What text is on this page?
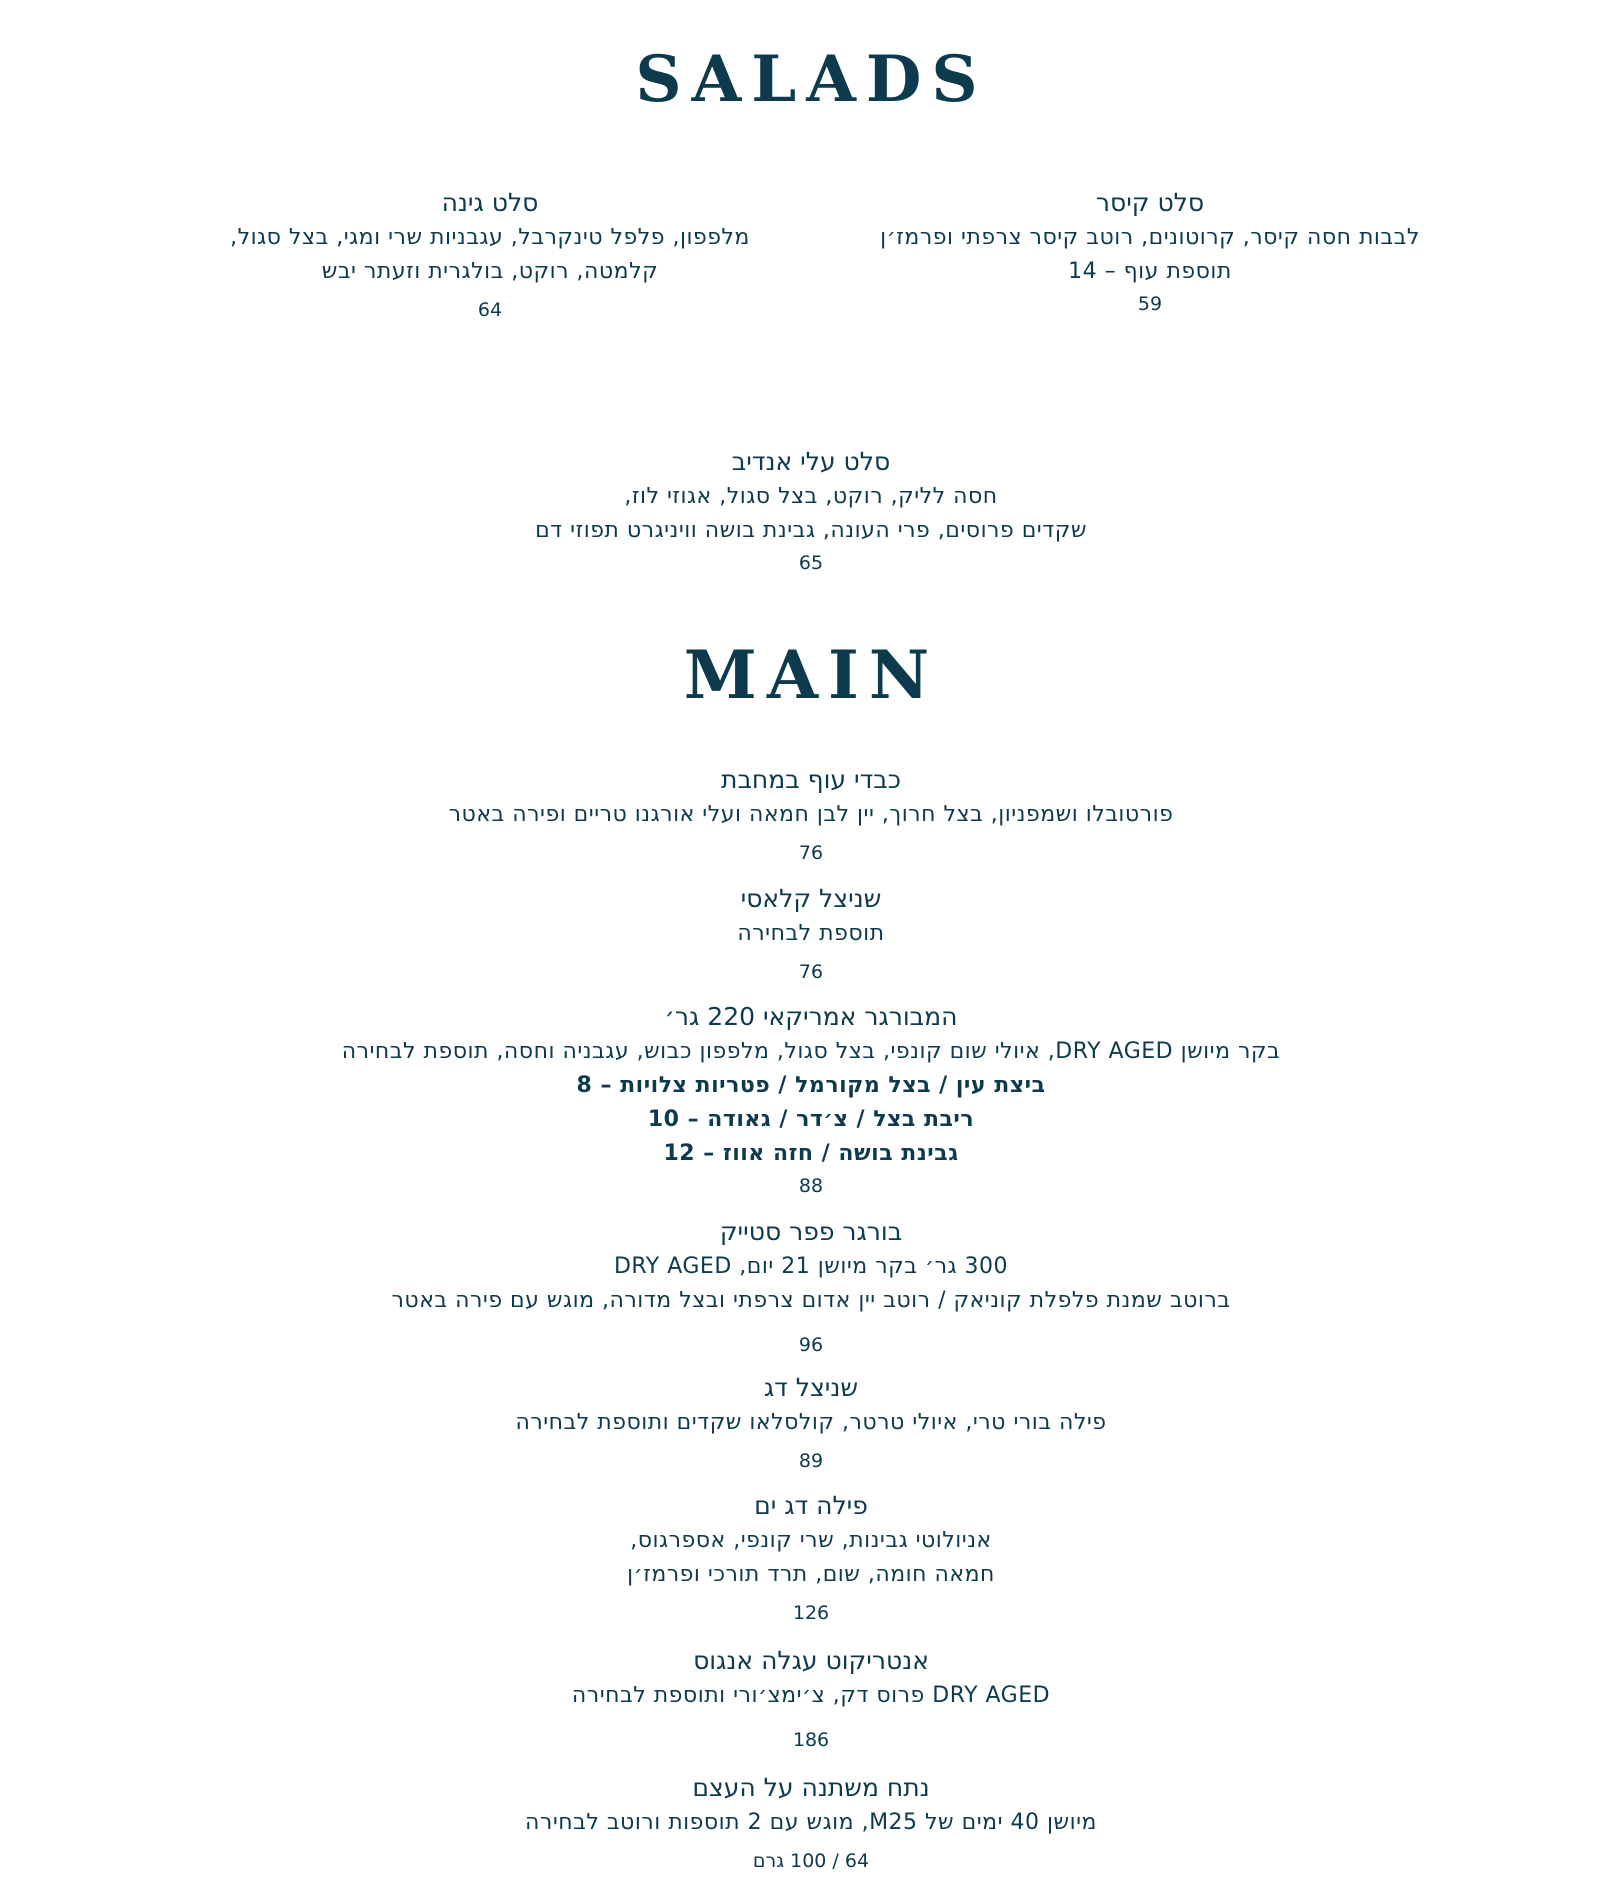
SALADS
סלט קיסר
לבבות חסה קיסר, קרוטונים, רוטב קיסר צרפתי ופרמז׳ן
תוספת עוף – 14
59
סלט גינה
מלפפון, פלפל טינקרבל, עגבניות שרי ומגי, בצל סגול,
קלמטה, רוקט, בולגרית וזעתר יבש
64
סלט עלי אנדיב
חסה לליק, רוקט, בצל סגול, אגוזי לוז,
שקדים פרוסים, פרי העונה, גבינת בושה וויניגרט תפוזי דם
65
MAIN
כבדי עוף במחבת
פורטובלו ושמפניון, בצל חרוך, יין לבן חמאה ועלי אורגנו טריים ופירה באטר
76
שניצל קלאסי
תוספת לבחירה
76
המבורגר אמריקאי 220 גר׳
בקר מיושן DRY AGED, איולי שום קונפי, בצל סגול, מלפפון כבוש, עגבניה וחסה, תוספת לבחירה
ביצת עין / בצל מקורמל / פטריות צלויות – 8
ריבת בצל / צ׳דר / גאודה – 10
גבינת בושה / חזה אווז – 12
88
בורגר פפר סטייק
300 גר׳ בקר מיושן 21 יום, DRY AGED
ברוטב שמנת פלפלת קוניאק / רוטב יין אדום צרפתי ובצל מדורה, מוגש עם פירה באטר
96
שניצל דג
פילה בורי טרי, איולי טרטר, קולסלאו שקדים ותוספת לבחירה
89
פילה דג ים
אניולוטי גבינות, שרי קונפי, אספרגוס,
חמאה חומה, שום, תרד תורכי ופרמז׳ן
126
אנטריקוט עגלה אנגוס
DRY AGED פרוס דק, צ׳ימצ׳ורי ותוספת לבחירה
186
נתח משתנה על העצם
מיושן 40 ימים של M25, מוגש עם 2 תוספות ורוטב לבחירה
64 / 100 גרם
